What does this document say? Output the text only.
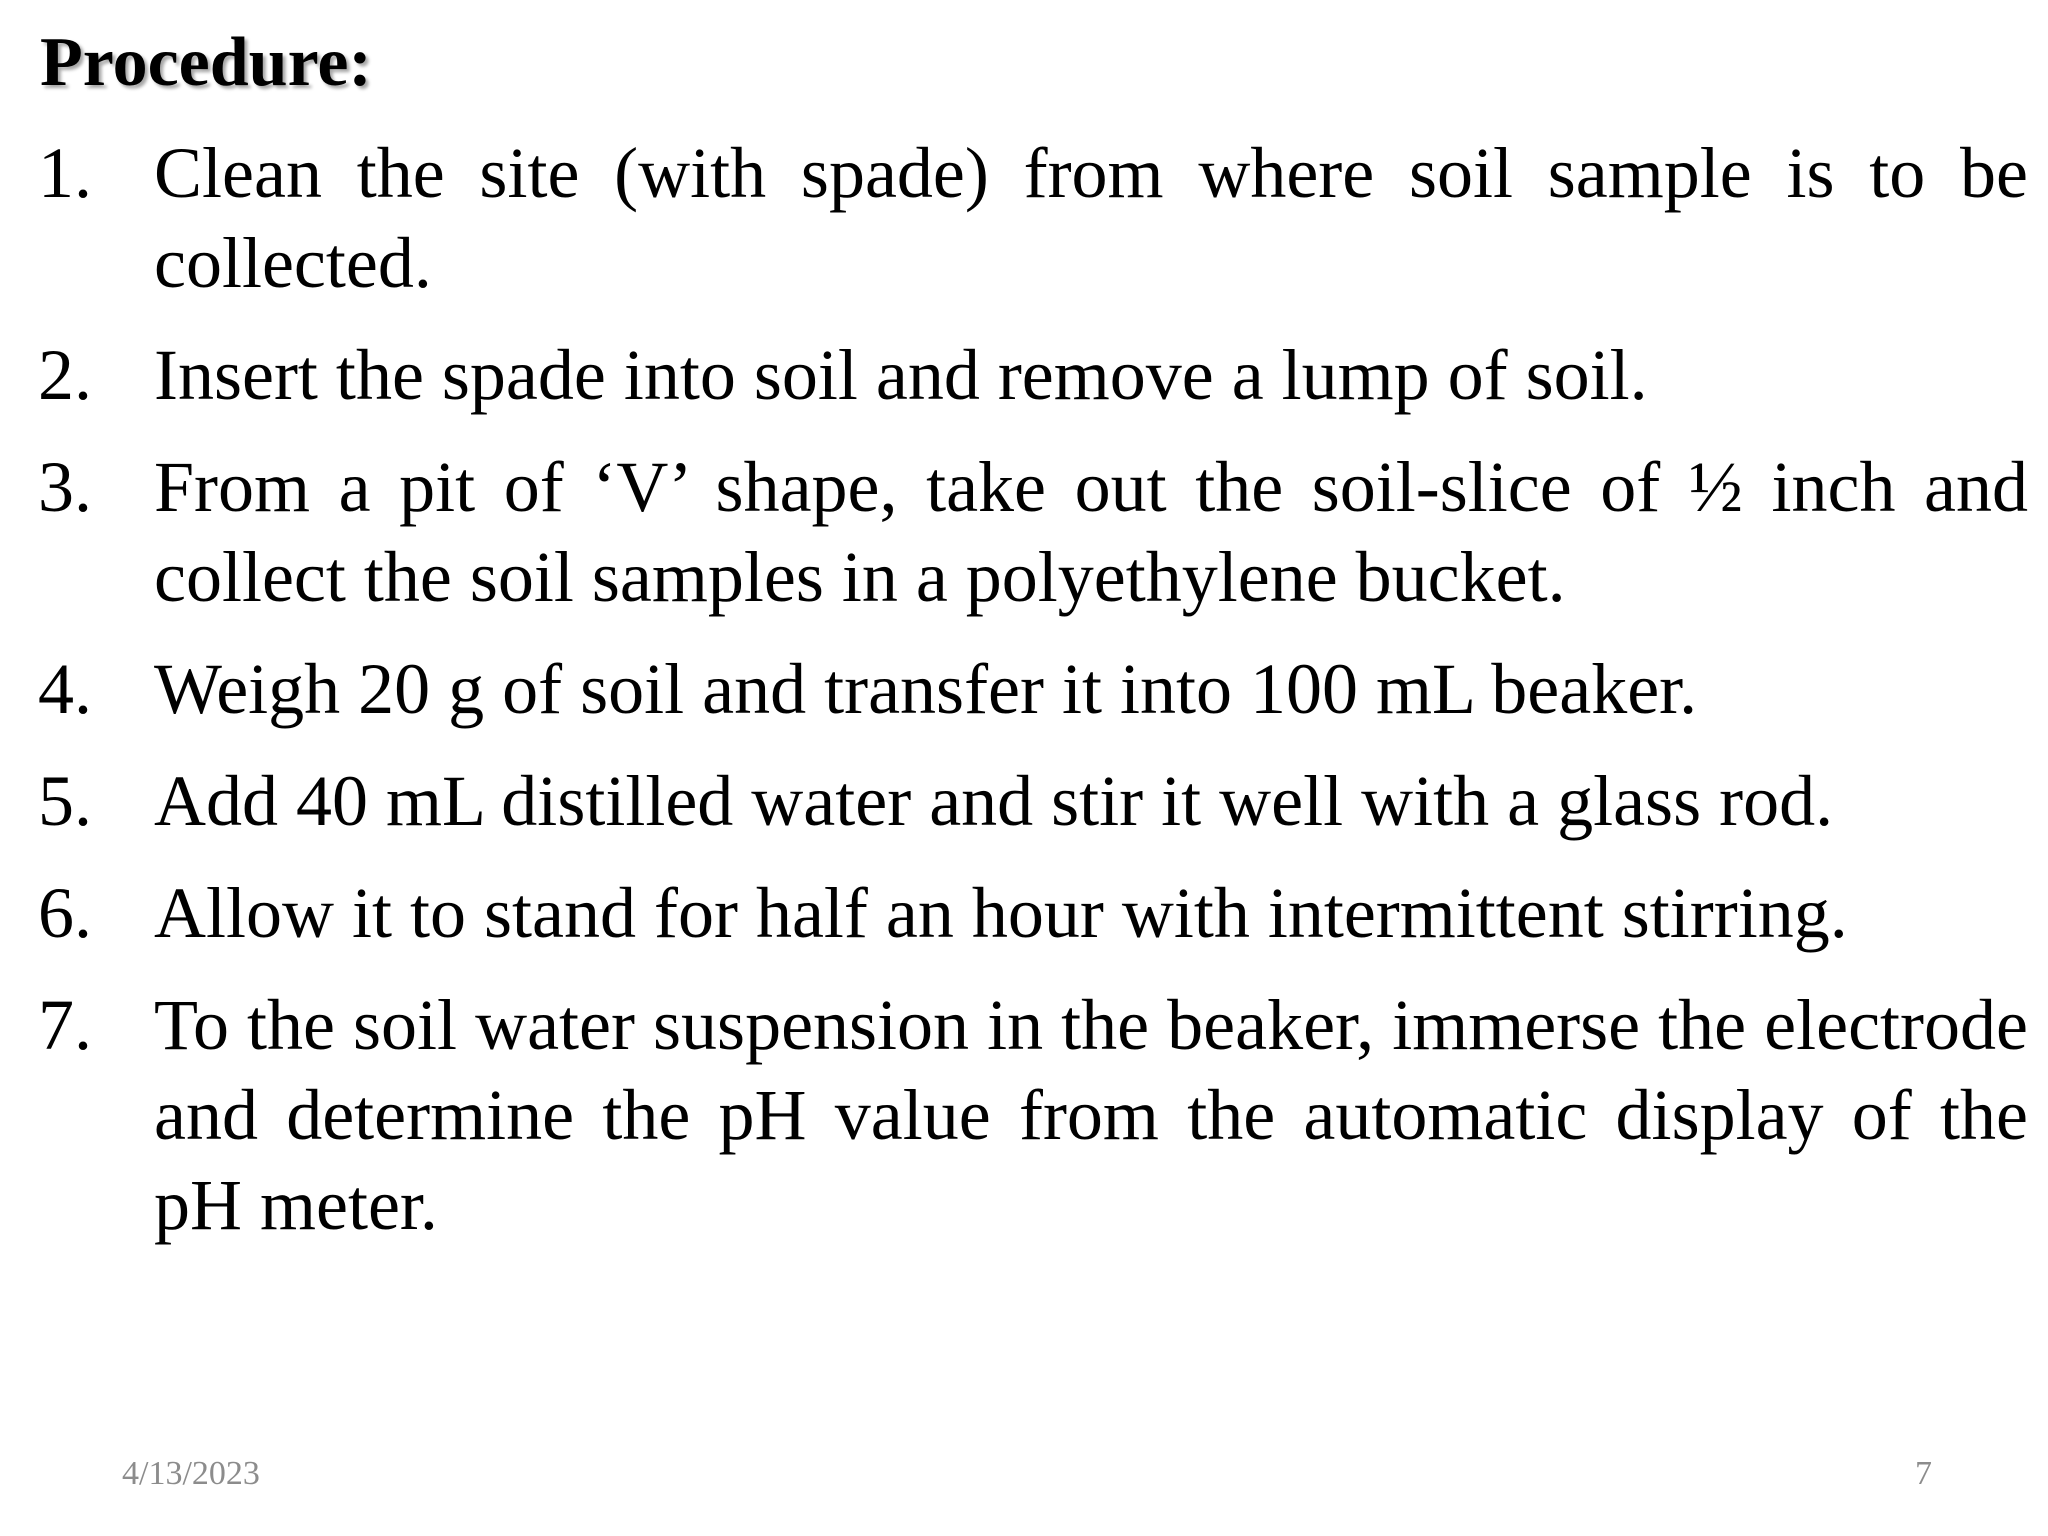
Procedure:
1. Clean the site (with spade) from where soil sample is to be collected.
2. Insert the spade into soil and remove a lump of soil.
3. From a pit of ‘V’ shape, take out the soil-slice of ½ inch and collect the soil samples in a polyethylene bucket.
4. Weigh 20 g of soil and transfer it into 100 mL beaker.
5. Add 40 mL distilled water and stir it well with a glass rod.
6. Allow it to stand for half an hour with intermittent stirring.
7. To the soil water suspension in the beaker, immerse the electrode and determine the pH value from the automatic display of the pH meter.
4/13/2023	7
